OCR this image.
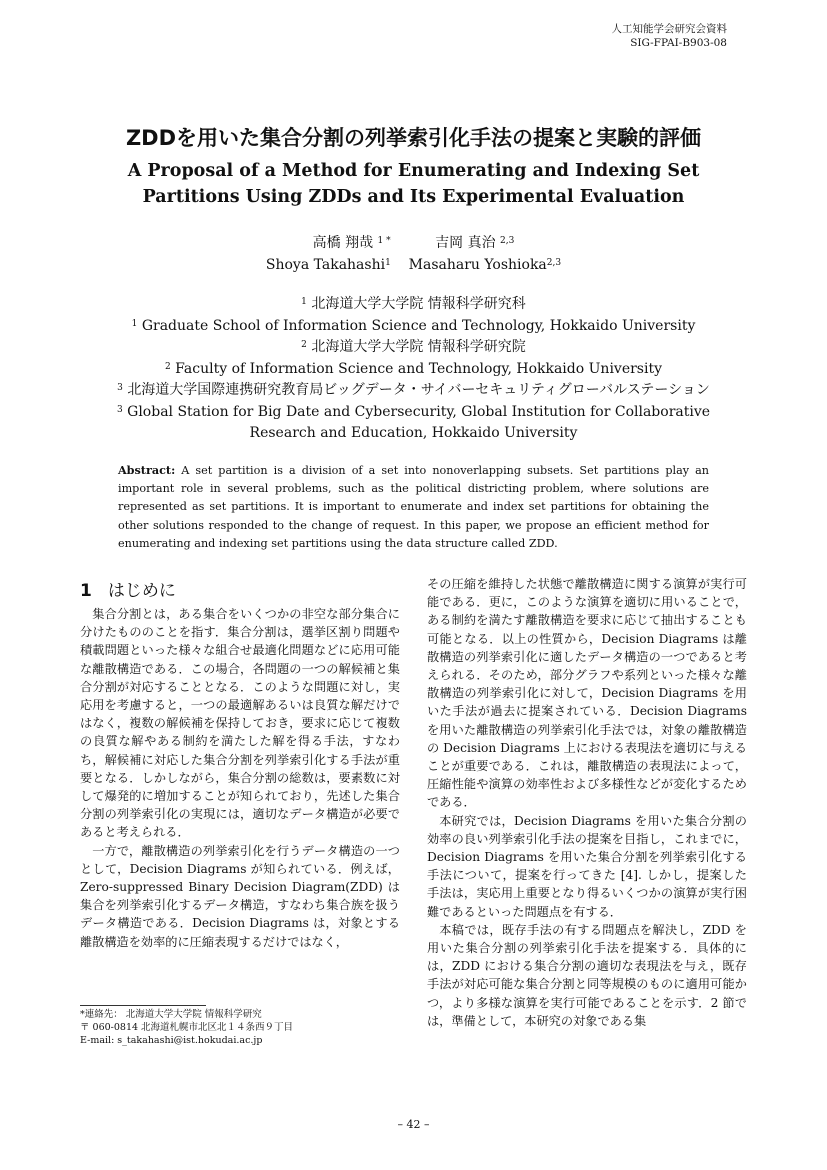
人工知能学会研究会資料
SIG-FPAI-B903-08
ZDDを用いた集合分割の列挙索引化手法の提案と実験的評価
A Proposal of a Method for Enumerating and Indexing Set
Partitions Using ZDDs and Its Experimental Evaluation
高橋 翔哉 $^{1 *}$	吉岡 真治 $^{2,3}$
Shoya Takahashi$^1$ Masaharu Yoshioka$^{2,3}$
$^1$ 北海道大学大学院 情報科学研究科
$^1$ Graduate School of Information Science and Technology, Hokkaido University
$^2$ 北海道大学大学院 情報科学研究院
$^2$ Faculty of Information Science and Technology, Hokkaido University
$^3$ 北海道大学国際連携研究教育局ビッグデータ・サイバーセキュリティグローバルステーション
$^3$ Global Station for Big Date and Cybersecurity, Global Institution for Collaborative
Research and Education, Hokkaido University
Abstract: A set partition is a division of a set into nonoverlapping subsets. Set partitions play an important role in several problems, such as the political districting problem, where solutions are represented as set partitions. It is important to enumerate and index set partitions for obtaining the other solutions responded to the change of request. In this paper, we propose an efficient method for enumerating and indexing set partitions using the data structure called ZDD.
1 はじめに

集合分割とは，ある集合をいくつかの非空な部分集合に分けたもののことを指す．集合分割は，選挙区割り問題や積載問題といった様々な組合せ最適化問題などに応用可能な離散構造である．この場合，各問題の一つの解候補と集合分割が対応することとなる．このような問題に対し，実応用を考慮すると，一つの最適解あるいは良質な解だけではなく，複数の解候補を保持しておき，要求に応じて複数の良質な解やある制約を満たした解を得る手法，すなわち，解候補に対応した集合分割を列挙索引化する手法が重要となる．しかしながら，集合分割の総数は，要素数に対して爆発的に増加することが知られており，先述した集合分割の列挙索引化の実現には，適切なデータ構造が必要であると考えられる．

一方で，離散構造の列挙索引化を行うデータ構造の一つとして，Decision Diagrams が知られている．例えば，Zero-suppressed Binary Decision Diagram(ZDD) は集合を列挙索引化するデータ構造，すなわち集合族を扱うデータ構造である．Decision Diagrams は，対象とする離散構造を効率的に圧縮表現するだけではなく，

その圧縮を維持した状態で離散構造に関する演算が実行可能である．更に，このような演算を適切に用いることで，ある制約を満たす離散構造を要求に応じて抽出することも可能となる．以上の性質から，Decision Diagrams は離散構造の列挙索引化に適したデータ構造の一つであると考えられる．そのため，部分グラフや系列といった様々な離散構造の列挙索引化に対して，Decision Diagrams を用いた手法が過去に提案されている．Decision Diagrams を用いた離散構造の列挙索引化手法では，対象の離散構造の Decision Diagrams 上における表現法を適切に与えることが重要である．これは，離散構造の表現法によって，圧縮性能や演算の効率性および多様性などが変化するためである．

本研究では，Decision Diagrams を用いた集合分割の効率の良い列挙索引化手法の提案を目指し，これまでに，Decision Diagrams を用いた集合分割を列挙索引化する手法について，提案を行ってきた [4]. しかし，提案した手法は，実応用上重要となり得るいくつかの演算が実行困難であるといった問題点を有する．

本稿では，既存手法の有する問題点を解決し，ZDD を用いた集合分割の列挙索引化手法を提案する．具体的には，ZDD における集合分割の適切な表現法を与え，既存手法が対応可能な集合分割と同等規模のものに適用可能かつ，より多様な演算を実行可能であることを示す．2 節では，準備として，本研究の対象である集

*連絡先： 北海道大学大学院 情報科学研究
〒 060-0814 北海道札幌市北区北１４条西９丁目
E-mail: s_takahashi@ist.hokudai.ac.jp
– 42 –
